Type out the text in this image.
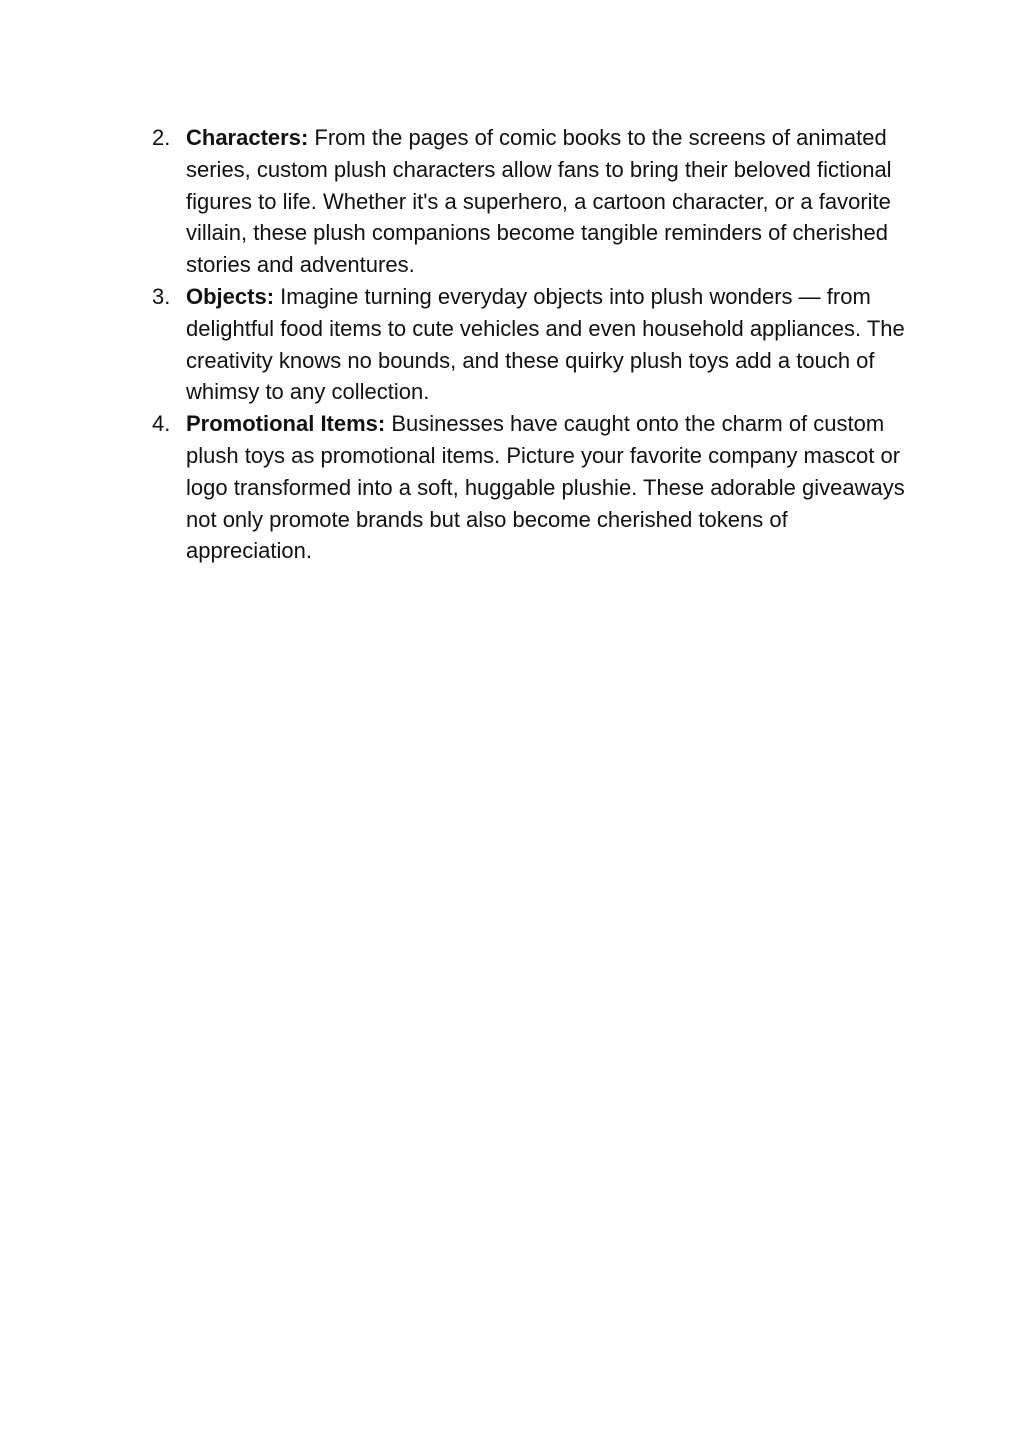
2. Characters: From the pages of comic books to the screens of animated series, custom plush characters allow fans to bring their beloved fictional figures to life. Whether it's a superhero, a cartoon character, or a favorite villain, these plush companions become tangible reminders of cherished stories and adventures.
3. Objects: Imagine turning everyday objects into plush wonders — from delightful food items to cute vehicles and even household appliances. The creativity knows no bounds, and these quirky plush toys add a touch of whimsy to any collection.
4. Promotional Items: Businesses have caught onto the charm of custom plush toys as promotional items. Picture your favorite company mascot or logo transformed into a soft, huggable plushie. These adorable giveaways not only promote brands but also become cherished tokens of appreciation.
